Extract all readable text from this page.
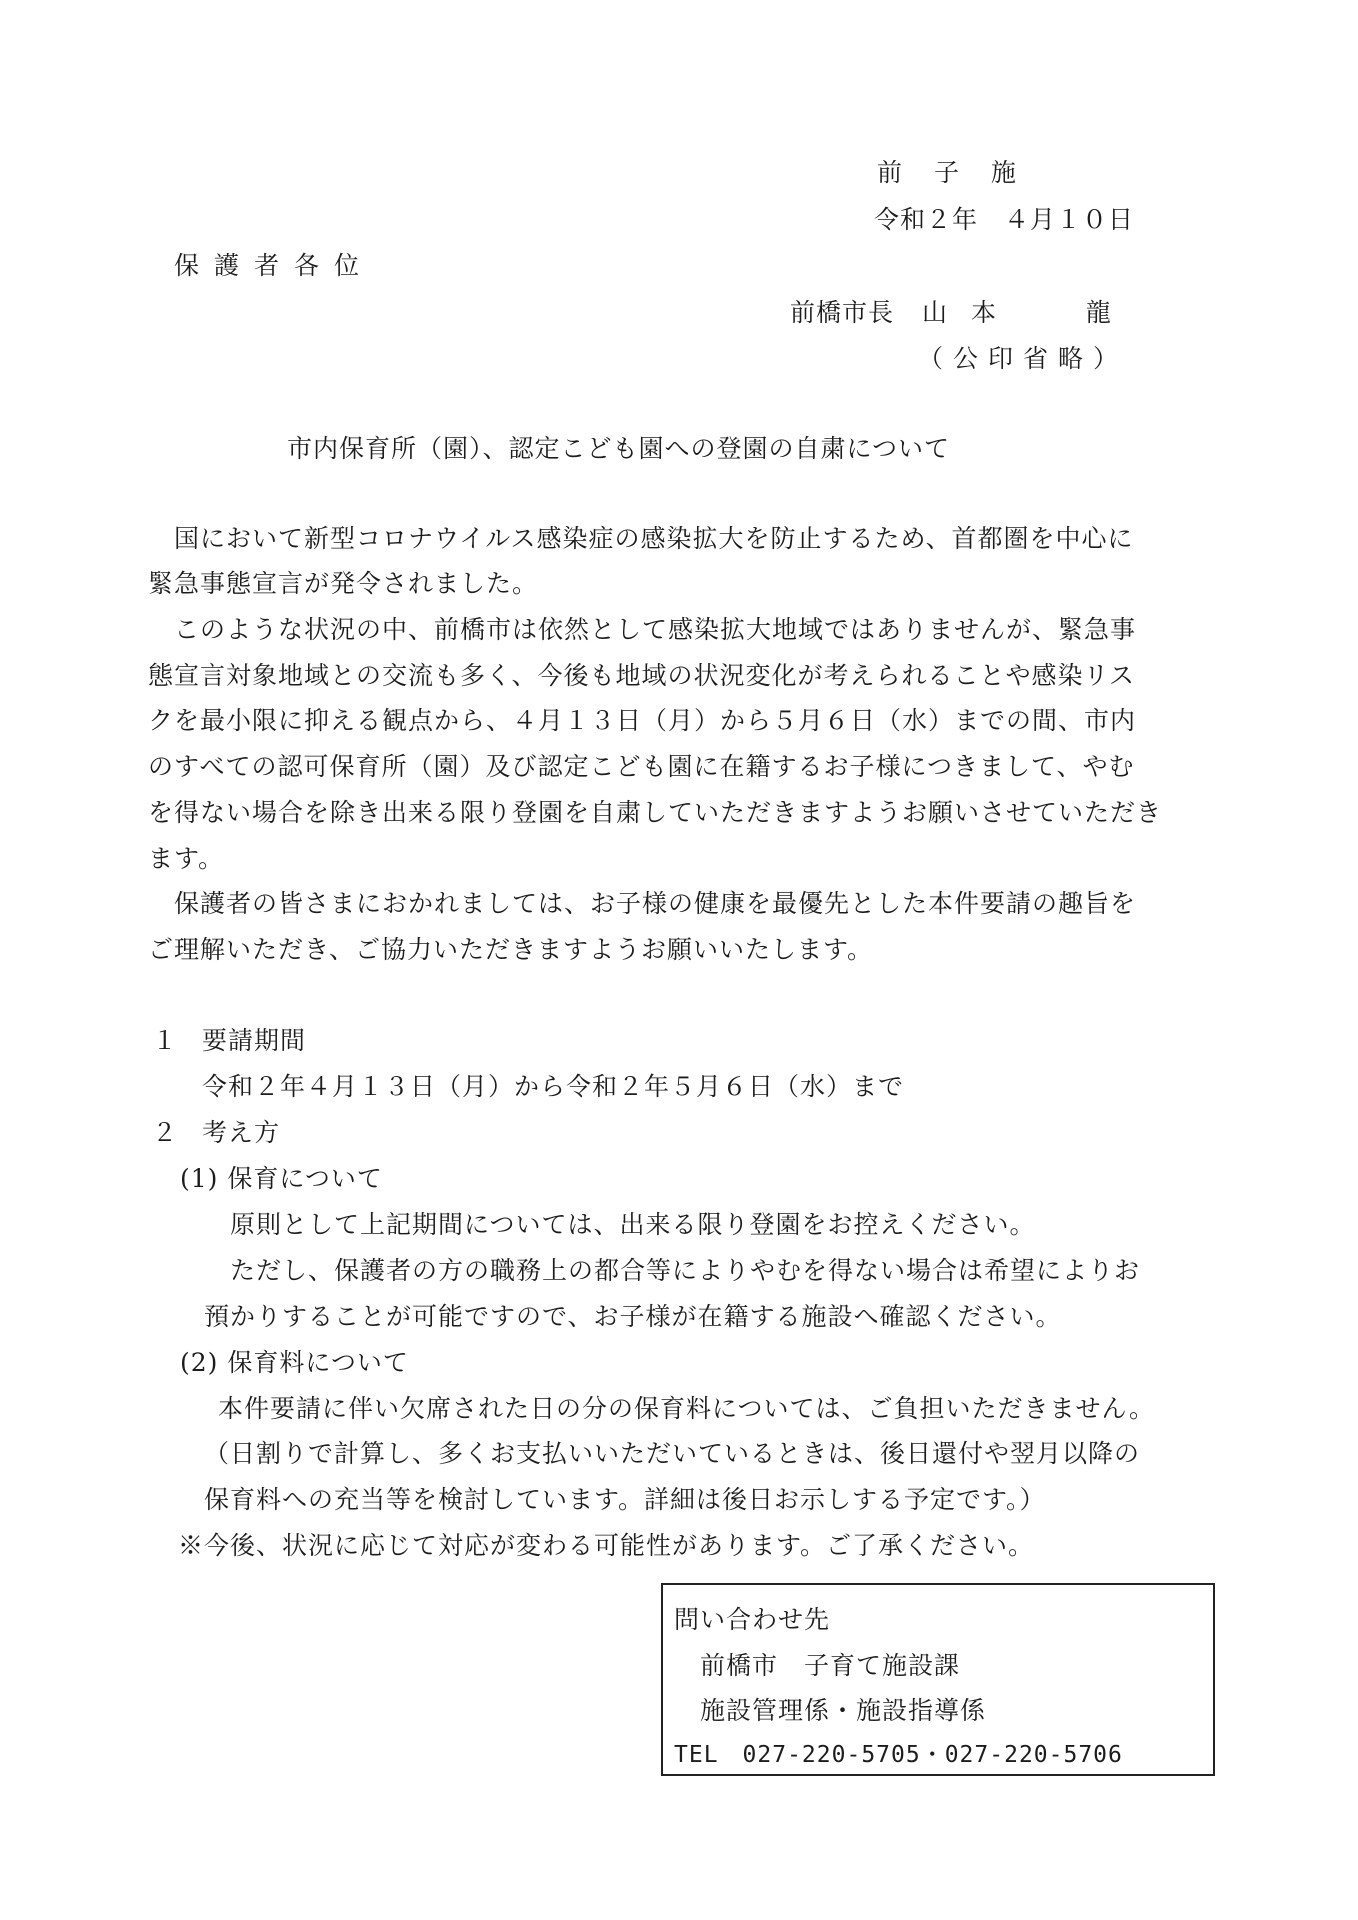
前 子 施
令和２年　４月１０日
保護者各位
前橋市長 山 本　　 龍
（公印省略）
市内保育所（園）、認定こども園への登園の自粛について
国において新型コロナウイルス感染症の感染拡大を防止するため、首都圏を中心に
緊急事態宣言が発令されました。
このような状況の中、前橋市は依然として感染拡大地域ではありませんが、緊急事
態宣言対象地域との交流も多く、今後も地域の状況変化が考えられることや感染リス
クを最小限に抑える観点から、４月１３日（月）から５月６日（水）までの間、市内
のすべての認可保育所（園）及び認定こども園に在籍するお子様につきまして、やむ
を得ない場合を除き出来る限り登園を自粛していただきますようお願いさせていただき
ます。
保護者の皆さまにおかれましては、お子様の健康を最優先とした本件要請の趣旨を
ご理解いただき、ご協力いただきますようお願いいたします。
１ 要請期間
令和２年４月１３日（月）から令和２年５月６日（水）まで
２ 考え方
(1) 保育について
原則として上記期間については、出来る限り登園をお控えください。
ただし、保護者の方の職務上の都合等によりやむを得ない場合は希望によりお
預かりすることが可能ですので、お子様が在籍する施設へ確認ください。
(2) 保育料について
本件要請に伴い欠席された日の分の保育料については、ご負担いただきません。
（日割りで計算し、多くお支払いいただいているときは、後日還付や翌月以降の
保育料への充当等を検討しています。詳細は後日お示しする予定です。）
※今後、状況に応じて対応が変わる可能性があります。ご了承ください。
問い合わせ先
前橋市　子育て施設課
施設管理係・施設指導係
TEL　027-220-5705・027-220-5706
